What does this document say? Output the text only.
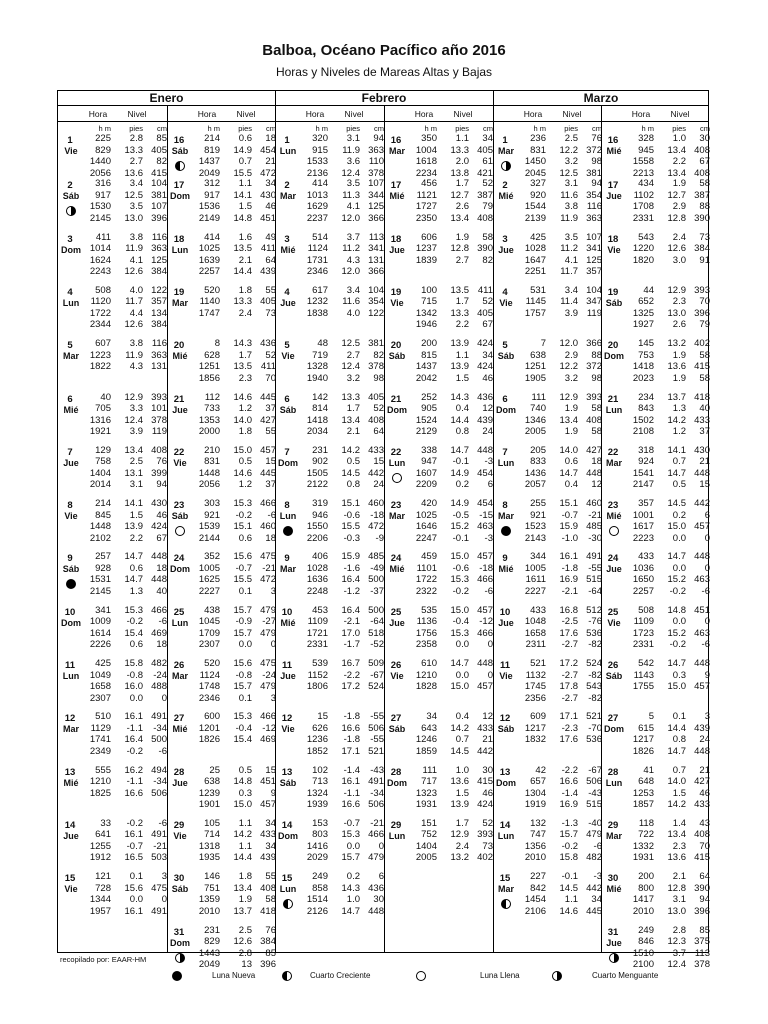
Balboa, Océano Pacífico año 2016
Horas y Niveles de Mareas Altas y Bajas
Enero	Febrero	Marzo
Hora	Nivel
h m	pies	cm
1
Vie
225	2.8	85
829	13.3 405
1440	2.7	82
2056	13.6 415
2
Sáb
316	3.4 104
917	12.5 381
1530	3.5 107
2145	13.0 396
3
Dom
411	3.8 116
1014	11.9 363
1624	4.1 125
2243	12.6 384
4
Lun
508	4.0 122
1120	11.7 357
1722	4.4 134
2344	12.6 384
5
Mar
607	3.8 116
1223	11.9 363
1822	4.3 131
6
Mié
40	12.9 393
705	3.3 101
1316	12.4 378
1921	3.9 119
7
Jue
129	13.4 408
758	2.5	76
1404	13.1 399
2014	3.1	94
8
Vie
214	14.1 430
845	1.5	46
1448	13.9 424
2102	2.2	67
9
Sáb
257	14.7 448
928	0.6	18
1531	14.7 448
2145	1.3	40
10
Dom
341	15.3 466
1009	-0.2	-6
1614	15.4 469
2226	0.6	18
11
Lun
425	15.8 482
1049	-0.8	-24
1658	16.0 488
2307	0.0	0
12
Mar
510	16.1 491
1129	-1.1	-34
1741	16.4 500
2349	-0.2	-6
13
Mié
555	16.2 494
1210	-1.1	-34
1825	16.6 506
14
Jue
33	-0.2	-6
641	16.1 491
1255	-0.7	-21
1912	16.5 503
15
Vie
121	0.1	3
728	15.6 475
1344	0.0	0
1957	16.1 491
Hora	Nivel
h m	pies	cm
16
Sáb
214	0.6	18
819	14.9 454
1437	0.7	21
2049	15.5 472
17
Dom
312	1.1	34
917	14.1 430
1536	1.5	46
2149	14.8 451
18
Lun
414	1.6	49
1025	13.5 411
1639	2.1	64
2257	14.4 439
19
Mar
520	1.8	55
1140	13.3 405
1747	2.4	73
20
Mié
8	14.3 436
628	1.7	52
1251	13.5 411
1856	2.3	70
21
Jue
112	14.6 445
733	1.2	37
1353	14.0 427
2000	1.8	55
22
Vie
210	15.0 457
831	0.5	15
1448	14.6 445
2056	1.2	37
23
Sáb
303	15.3 466
921	-0.2	-6
1539	15.1 460
2144	0.6	18
24
Dom
352	15.6 475
1005	-0.7	-21
1625	15.5 472
2227	0.1	3
25
Lun
438	15.7 479
1045	-0.9	-27
1709	15.7 479
2307	0.0	0
26
Mar
520	15.6 475
1124	-0.8	-24
1748	15.7 479
2346	0.1	3
27
Mié
600	15.3 466
1201	-0.4	-12
1826	15.4 469
28
Jue
25	0.5	15
638	14.8 451
1239	0.3	9
1901	15.0 457
29
Vie
105	1.1	34
714	14.2 433
1318	1.1	34
1935	14.4 439
30
Sáb
146	1.8	55
751	13.4 408
1359	1.9	58
2010	13.7 418
31
Dom
231	2.5	76
829	12.6 384
1443	2.8	85
2049	13 396
Hora	Nivel
h m	pies	cm
1
Lun
320	3.1	94
915	11.9 363
1533	3.6 110
2136	12.4 378
2
Mar
414	3.5 107
1013	11.3 344
1629	4.1 125
2237	12.0 366
3
Mié
514	3.7 113
1124	11.2 341
1731	4.3 131
2346	12.0 366
4
Jue
617	3.4 104
1232	11.6 354
1838	4.0 122
5
Vie
48	12.5 381
719	2.7	82
1328	12.4 378
1940	3.2	98
6
Sáb
142	13.3 405
814	1.7	52
1418	13.4 408
2034	2.1	64
7
Dom
231	14.2 433
902	0.5	15
1505	14.5 442
2122	0.8	24
8
Lun
319	15.1 460
946	-0.6	-18
1550	15.5 472
2206	-0.3	-9
9
Mar
406	15.9 485
1028	-1.6	-49
1636	16.4 500
2248	-1.2	-37
10
Mié
453	16.4 500
1109	-2.1	-64
1721	17.0 518
2331	-1.7	-52
11
Jue
539	16.7 509
1152	-2.2	-67
1806	17.2 524
12
Vie
15	-1.8	-55
626	16.6 506
1236	-1.8	-55
1852	17.1 521
13
Sáb
102	-1.4	-43
713	16.1 491
1324	-1.1	-34
1939	16.6 506
14
Dom
153	-0.7	-21
803	15.3 466
1416	0.0	0
2029	15.7 479
15
Lun
249	0.2	6
858	14.3 436
1514	1.0	30
2126	14.7 448
Hora	Nivel
h m	pies	cm
16
Mar
350	1.1	34
1004	13.3 405
1618	2.0	61
2234	13.8 421
17
Mié
456	1.7	52
1121	12.7 387
1727	2.6	79
2350	13.4 408
18
Jue
606	1.9	58
1237	12.8 390
1839	2.7	82
19
Vie
100	13.5 411
715	1.7	52
1342	13.3 405
1946	2.2	67
20
Sáb
200	13.9 424
815	1.1	34
1437	13.9 424
2042	1.5	46
21
Dom
252	14.3 436
905	0.4	12
1524	14.4 439
2129	0.8	24
22
Lun
338	14.7 448
947	-0.1	-3
1607	14.9 454
2209	0.2	6
23
Mar
420	14.9 454
1025	-0.5	-15
1646	15.2 463
2247	-0.1	-3
24
Mié
459	15.0 457
1101	-0.6	-18
1722	15.3 466
2322	-0.2	-6
25
Jue
535	15.0 457
1136	-0.4	-12
1756	15.3 466
2358	0.0	0
26
Vie
610	14.7 448
1210	0.0	0
1828	15.0 457
27
Sáb
34	0.4	12
643	14.2 433
1246	0.7	21
1859	14.5 442
28
Dom
111	1.0	30
717	13.6 415
1323	1.5	46
1931	13.9 424
29
Lun
151	1.7	52
752	12.9 393
1404	2.4	73
2005	13.2 402
Hora	Nivel
h m	pies	cm
1
Mar
236	2.5	76
831	12.2 372
1450	3.2	98
2045	12.5 381
2
Mié
327	3.1	94
920	11.6 354
1544	3.8 116
2139	11.9 363
3
Jue
425	3.5 107
1028	11.2 341
1647	4.1 125
2251	11.7 357
4
Vie
531	3.4 104
1145	11.4 347
1757	3.9 119
5
Sáb
7	12.0 366
638	2.9	88
1251	12.2 372
1905	3.2	98
6
Dom
111	12.9 393
740	1.9	58
1346	13.4 408
2005	1.9	58
7
Lun
205	14.0 427
833	0.6	18
1436	14.7 448
2057	0.4	12
8
Mar
255	15.1 460
921	-0.7	-21
1523	15.9 485
2143	-1.0	-30
9
Mié
344	16.1 491
1005	-1.8	-55
1611	16.9 515
2227	-2.1	-64
10
Jue
433	16.8 512
1048	-2.5	-76
1658	17.6 536
2311	-2.7	-82
11
Vie
521	17.2 524
1132	-2.7	-82
1745	17.8 543
2356	-2.7	-82
12
Sáb
609	17.1 521
1217	-2.3	-70
1832	17.6 536
13
Dom
42	-2.2	-67
657	16.6 506
1304	-1.4	-43
1919	16.9 515
14
Lun
132	-1.3	-40
747	15.7 479
1356	-0.2	-6
2010	15.8 482
15
Mar
227	-0.1	-3
842	14.5 442
1454	1.1	34
2106	14.6 445
Hora	Nivel
h m	pies	cm
16
Mié
328	1.0	30
945	13.4 408
1558	2.2	67
2213	13.4 408
17
Jue
434	1.9	58
1102	12.7 387
1708	2.9	88
2331	12.8 390
18
Vie
543	2.4	73
1220	12.6 384
1820	3.0	91
19
Sáb
44	12.9 393
652	2.3	70
1325	13.0 396
1927	2.6	79
20
Dom
145	13.2 402
753	1.9	58
1418	13.6 415
2023	1.9	58
21
Lun
234	13.7 418
843	1.3	40
1502	14.2 433
2108	1.2	37
22
Mar
318	14.1 430
924	0.7	21
1541	14.7 448
2147	0.5	15
23
Mié
357	14.5 442
1001	0.2	6
1617	15.0 457
2223	0.0	0
24
Jue
433	14.7 448
1036	0.0	0
1650	15.2 463
2257	-0.2	-6
25
Vie
508	14.8 451
1109	0.0	0
1723	15.2 463
2331	-0.2	-6
26
Sáb
542	14.7 448
1143	0.3	9
1755	15.0 457
27
Dom
5	0.1	3
615	14.4 439
1217	0.8	24
1826	14.7 448
28
Lun
41	0.7	21
648	14.0 427
1253	1.5	46
1857	14.2 433
29
Mar
118	1.4	43
722	13.4 408
1332	2.3	70
1931	13.6 415
30
Mié
200	2.1	64
800	12.8 390
1417	3.1	94
2010	13.0 396
31
Jue
249	2.8	85
846	12.3 375
1510	3.7 113
2100	12.4 378
recopilado por: EAAR-HM
Luna Nueva	Cuarto Creciente	Luna Llena	Cuarto Menguante
